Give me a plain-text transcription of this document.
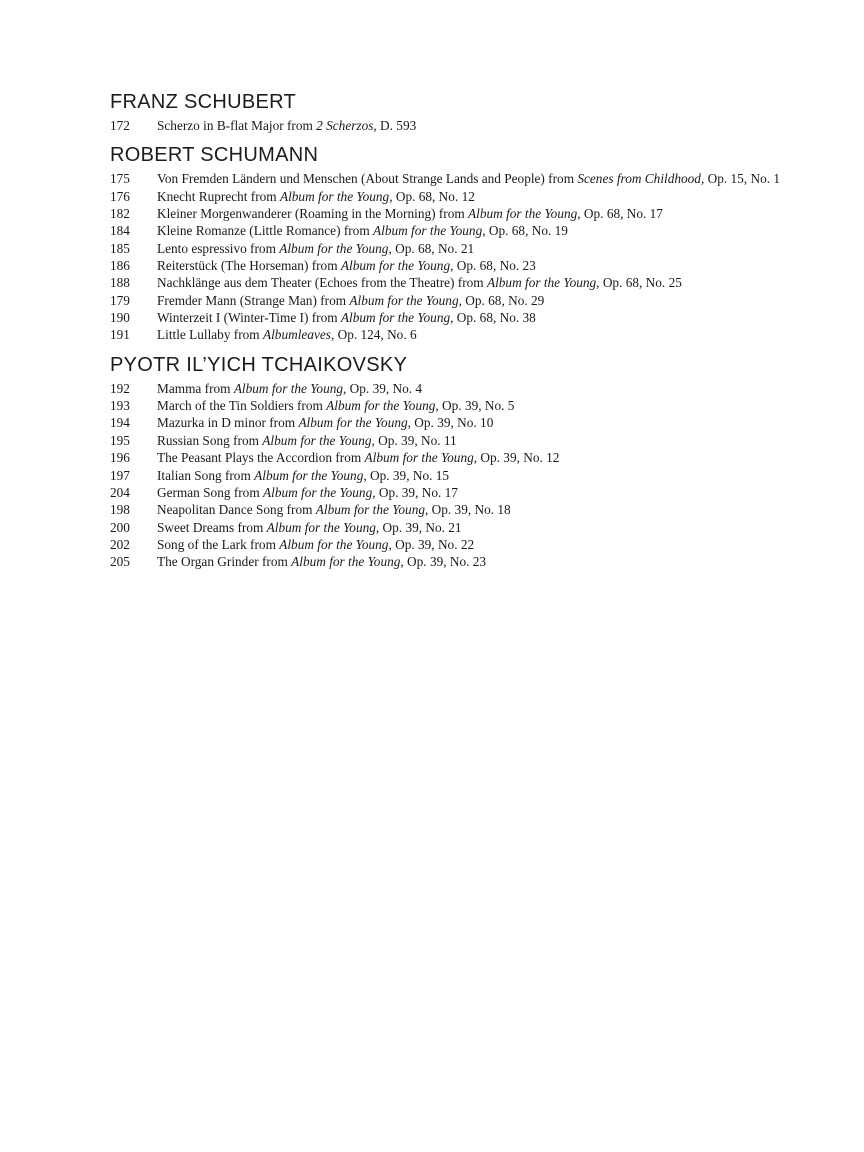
FRANZ SCHUBERT
172	Scherzo in B-flat Major from 2 Scherzos, D. 593
ROBERT SCHUMANN
175	Von Fremden Ländern und Menschen (About Strange Lands and People) from Scenes from Childhood, Op. 15, No. 1
176	Knecht Ruprecht from Album for the Young, Op. 68, No. 12
182	Kleiner Morgenwanderer (Roaming in the Morning) from Album for the Young, Op. 68, No. 17
184	Kleine Romanze (Little Romance) from Album for the Young, Op. 68, No. 19
185	Lento espressivo from Album for the Young, Op. 68, No. 21
186	Reiterstück (The Horseman) from Album for the Young, Op. 68, No. 23
188	Nachklänge aus dem Theater (Echoes from the Theatre) from Album for the Young, Op. 68, No. 25
179	Fremder Mann (Strange Man) from Album for the Young, Op. 68, No. 29
190	Winterzeit I (Winter-Time I) from Album for the Young, Op. 68, No. 38
191	Little Lullaby from Albumleaves, Op. 124, No. 6
PYOTR IL’YICH TCHAIKOVSKY
192	Mamma from Album for the Young, Op. 39, No. 4
193	March of the Tin Soldiers from Album for the Young, Op. 39, No. 5
194	Mazurka in D minor from Album for the Young, Op. 39, No. 10
195	Russian Song from Album for the Young, Op. 39, No. 11
196	The Peasant Plays the Accordion from Album for the Young, Op. 39, No. 12
197	Italian Song from Album for the Young, Op. 39, No. 15
204	German Song from Album for the Young, Op. 39, No. 17
198	Neapolitan Dance Song from Album for the Young, Op. 39, No. 18
200	Sweet Dreams from Album for the Young, Op. 39, No. 21
202	Song of the Lark from Album for the Young, Op. 39, No. 22
205	The Organ Grinder from Album for the Young, Op. 39, No. 23
